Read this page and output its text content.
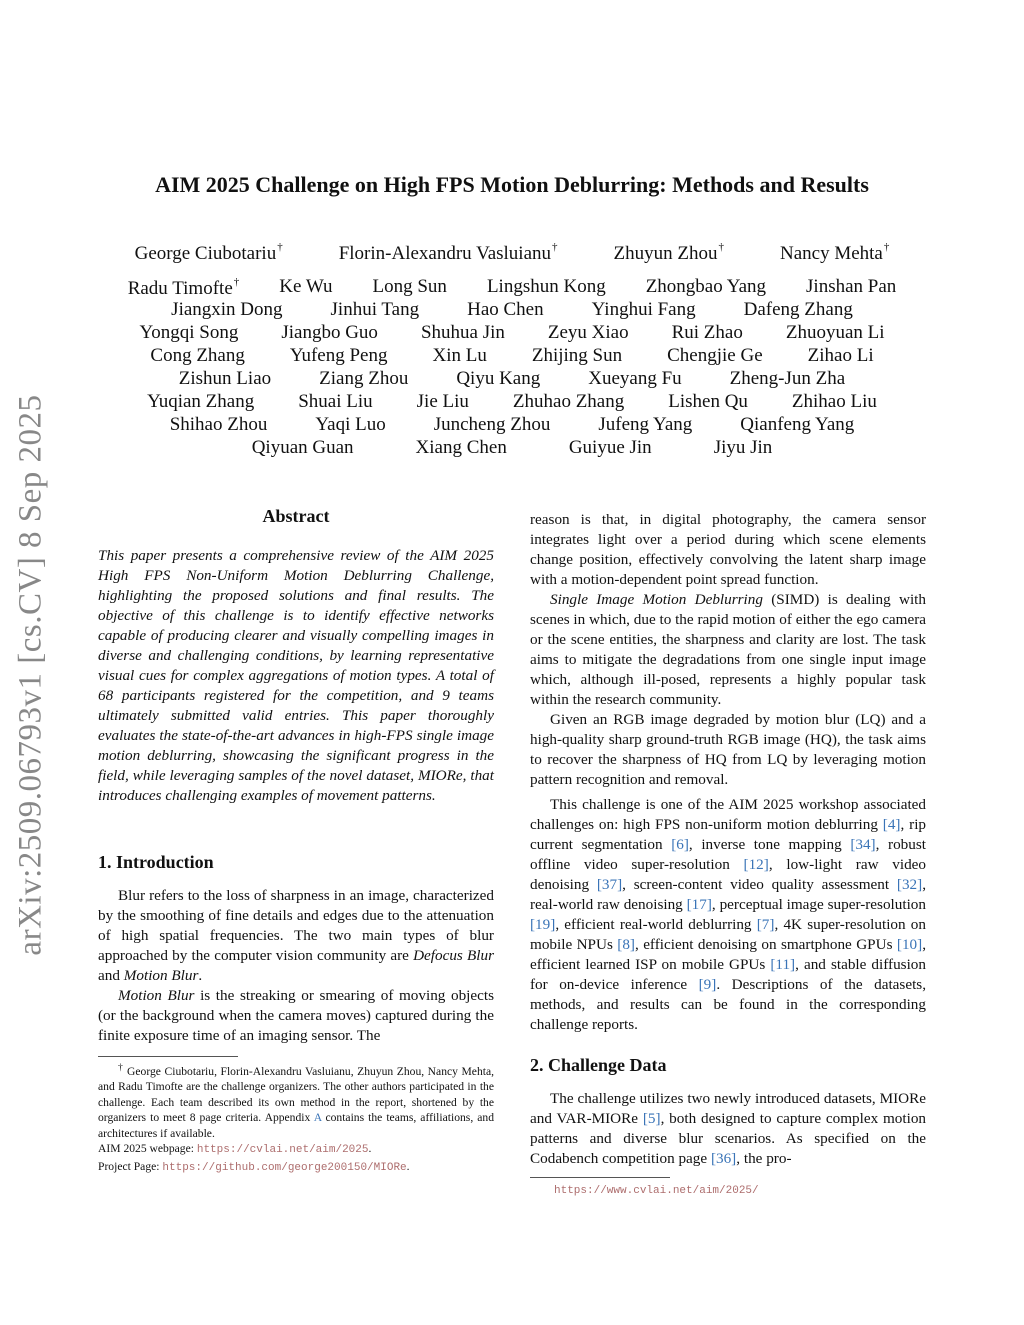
arXiv:2509.06793v1 [cs.CV] 8 Sep 2025
AIM 2025 Challenge on High FPS Motion Deblurring: Methods and Results
George Ciubotariu†	Florin-Alexandru Vasluianu†	Zhuyun Zhou†	Nancy Mehta†
Radu Timofte† Ke Wu Long Sun Lingshun Kong Zhongbao Yang Jinshan Pan
Jiangxin Dong	Jinhui Tang	Hao Chen	Yinghui Fang	Dafeng Zhang
Yongqi Song Jiangbo Guo Shuhua Jin Zeyu Xiao Rui Zhao Zhuoyuan Li
Cong Zhang Yufeng Peng Xin Lu Zhijing Sun Chengjie Ge Zihao Li
Zishun Liao	Ziang Zhou	Qiyu Kang	Xueyang Fu	Zheng-Jun Zha
Yuqian Zhang Shuai Liu Jie Liu Zhuhao Zhang Lishen Qu Zhihao Liu
Shihao Zhou	Yaqi Luo	Juncheng Zhou	Jufeng Yang	Qianfeng Yang
Qiyuan Guan	Xiang Chen	Guiyue Jin	Jiyu Jin
Abstract

This paper presents a comprehensive review of the AIM 2025 High FPS Non-Uniform Motion Deblurring Challenge, highlighting the proposed solutions and final results. The objective of this challenge is to identify effective networks capable of producing clearer and visually compelling images in diverse and challenging conditions, by learning representative visual cues for complex aggregations of motion types. A total of 68 participants registered for the competition, and 9 teams ultimately submitted valid entries. This paper thoroughly evaluates the state-of-the-art advances in high-FPS single image motion deblurring, showcasing the significant progress in the field, while leveraging samples of the novel dataset, MIORe, that introduces challenging examples of movement patterns.

1. Introduction

Blur refers to the loss of sharpness in an image, characterized by the smoothing of fine details and edges due to the attenuation of high spatial frequencies. The two main types of blur approached by the computer vision community are Defocus Blur and Motion Blur.

Motion Blur is the streaking or smearing of moving objects (or the background when the camera moves) captured during the finite exposure time of an imaging sensor. The

† George Ciubotariu, Florin-Alexandru Vasluianu, Zhuyun Zhou, Nancy Mehta, and Radu Timofte are the challenge organizers. The other authors participated in the challenge. Each team described its own method in the report, shortened by the organizers to meet 8 page criteria. Appendix A contains the teams, affiliations, and architectures if available.

AIM 2025 webpage: https://cvlai.net/aim/2025.

Project Page: https://github.com/george200150/MIORe.

reason is that, in digital photography, the camera sensor integrates light over a period during which scene elements change position, effectively convolving the latent sharp image with a motion-dependent point spread function.

Single Image Motion Deblurring (SIMD) is dealing with scenes in which, due to the rapid motion of either the ego camera or the scene entities, the sharpness and clarity are lost. The task aims to mitigate the degradations from one single input image which, although ill-posed, represents a highly popular task within the research community.

Given an RGB image degraded by motion blur (LQ) and a high-quality sharp ground-truth RGB image (HQ), the task aims to recover the sharpness of HQ from LQ by leveraging motion pattern recognition and removal.

This challenge is one of the AIM 2025 workshop associated challenges on: high FPS non-uniform motion deblurring [4], rip current segmentation [6], inverse tone mapping [34], robust offline video super-resolution [12], low-light raw video denoising [37], screen-content video quality assessment [32], real-world raw denoising [17], perceptual image super-resolution [19], efficient real-world deblurring [7], 4K super-resolution on mobile NPUs [8], efficient denoising on smartphone GPUs [10], efficient learned ISP on mobile GPUs [11], and stable diffusion for on-device inference [9]. Descriptions of the datasets, methods, and results can be found in the corresponding challenge reports.

2. Challenge Data

The challenge utilizes two newly introduced datasets, MIORe and VAR-MIORe [5], both designed to capture complex motion patterns and diverse blur scenarios. As specified on the Codabench competition page [36], the pro-

https://www.cvlai.net/aim/2025/
